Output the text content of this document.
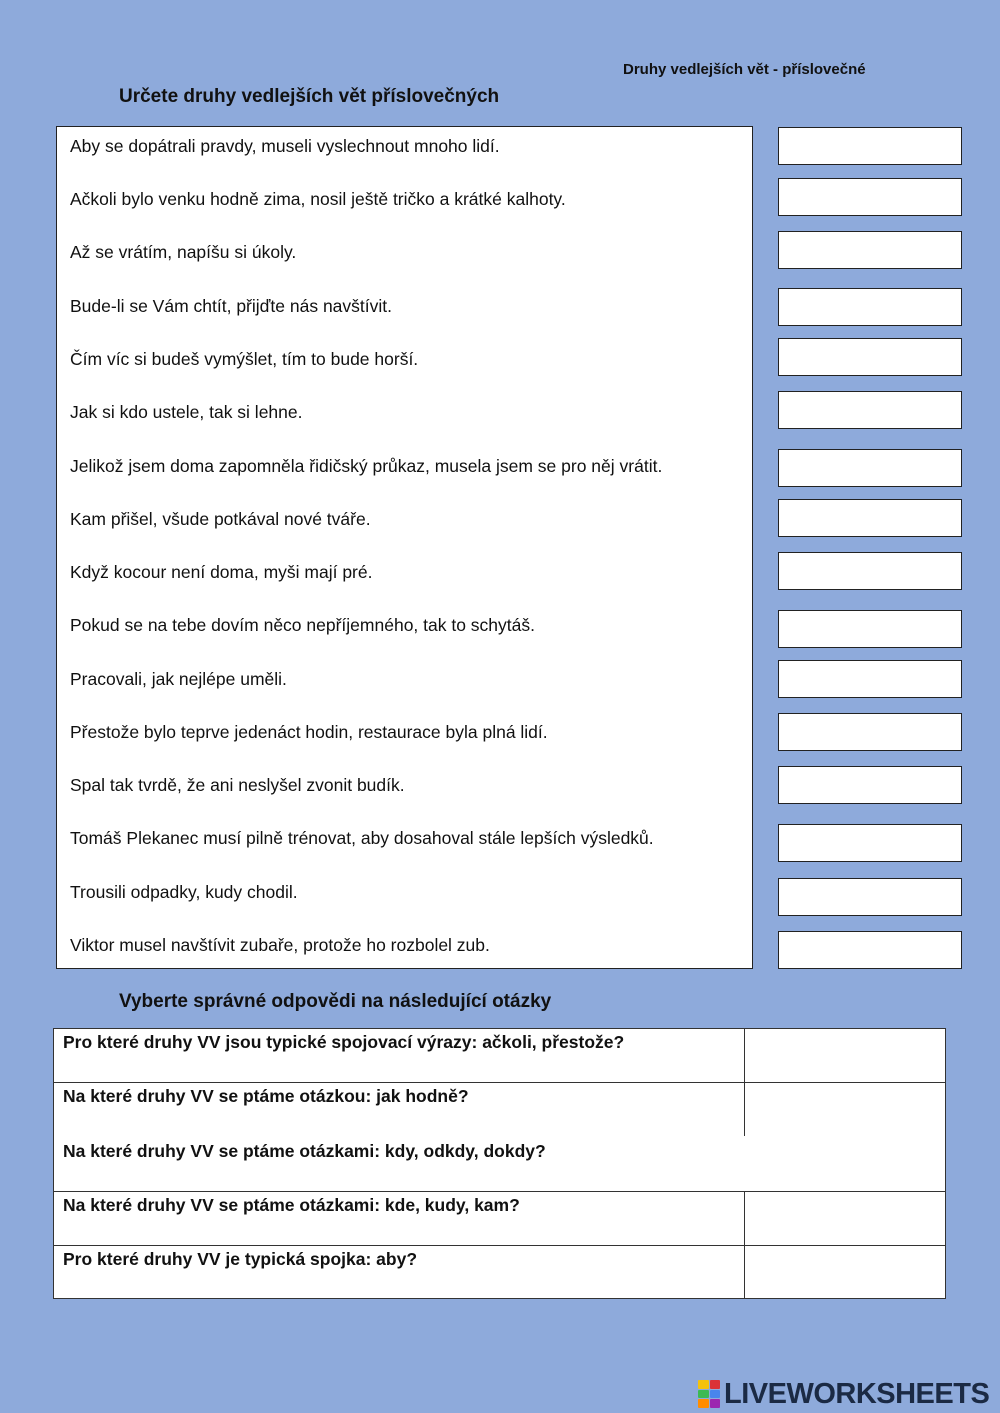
Druhy vedlejších vět - příslovečné
Určete druhy vedlejších vět příslovečných
Aby se dopátrali pravdy, museli vyslechnout mnoho lidí.
Ačkoli bylo venku hodně zima, nosil ještě tričko a krátké kalhoty.
Až se vrátím, napíšu si úkoly.
Bude-li se Vám chtít, přijďte nás navštívit.
Čím víc si budeš vymýšlet, tím to bude horší.
Jak si kdo ustele, tak si lehne.
Jelikož jsem doma zapomněla řidičský průkaz, musela jsem se pro něj vrátit.
Kam přišel, všude potkával nové tváře.
Když kocour není doma, myši mají pré.
Pokud se na tebe dovím něco nepříjemného, tak to schytáš.
Pracovali, jak nejlépe uměli.
Přestože bylo teprve jedenáct hodin, restaurace byla plná lidí.
Spal tak tvrdě, že ani neslyšel zvonit budík.
Tomáš Plekanec musí pilně trénovat, aby dosahoval stále lepších výsledků.
Trousili odpadky, kudy chodil.
Viktor musel navštívit zubaře, protože ho rozbolel zub.
Vyberte správné odpovědi na následující otázky
Pro které druhy VV jsou typické spojovací výrazy: ačkoli, přestože?
Na které druhy VV se ptáme otázkou: jak hodně?
Na které druhy VV se ptáme otázkami: kdy, odkdy, dokdy?
Na které druhy VV se ptáme otázkami: kde, kudy, kam?
Pro které druhy VV je typická spojka: aby?
LIVEWORKSHEETS
